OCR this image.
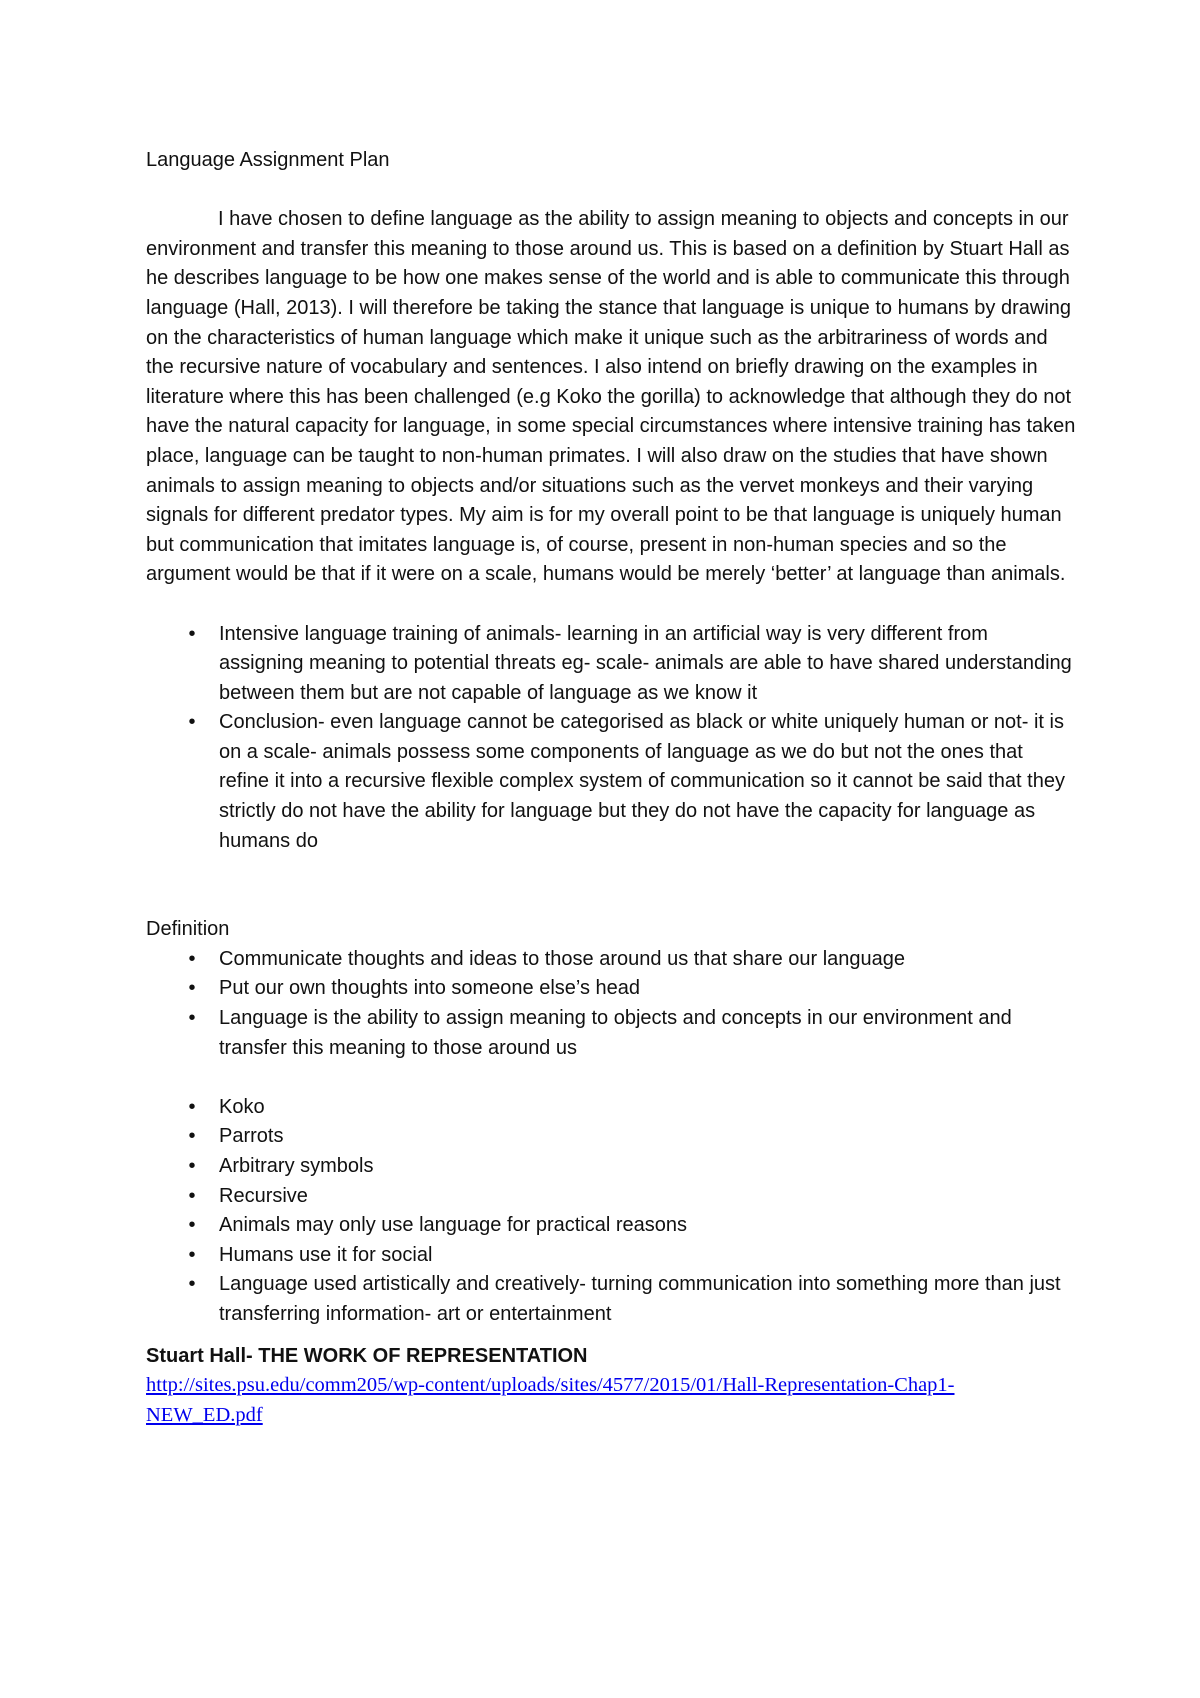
Language Assignment Plan

I have chosen to define language as the ability to assign meaning to objects and concepts in our environment and transfer this meaning to those around us. This is based on a definition by Stuart Hall as he describes language to be how one makes sense of the world and is able to communicate this through language (Hall, 2013). I will therefore be taking the stance that language is unique to humans by drawing on the characteristics of human language which make it unique such as the arbitrariness of words and the recursive nature of vocabulary and sentences. I also intend on briefly drawing on the examples in literature where this has been challenged (e.g Koko the gorilla) to acknowledge that although they do not have the natural capacity for language, in some special circumstances where intensive training has taken place, language can be taught to non-human primates. I will also draw on the studies that have shown animals to assign meaning to objects and/or situations such as the vervet monkeys and their varying signals for different predator types. My aim is for my overall point to be that language is uniquely human but communication that imitates language is, of course, present in non-human species and so the argument would be that if it were on a scale, humans would be merely ‘better’ at language than animals.

• Intensive language training of animals- learning in an artificial way is very different from assigning meaning to potential threats eg- scale- animals are able to have shared understanding between them but are not capable of language as we know it
• Conclusion- even language cannot be categorised as black or white uniquely human or not- it is on a scale- animals possess some components of language as we do but not the ones that refine it into a recursive flexible complex system of communication so it cannot be said that they strictly do not have the ability for language but they do not have the capacity for language as humans do

Definition

• Communicate thoughts and ideas to those around us that share our language
• Put our own thoughts into someone else’s head
• Language is the ability to assign meaning to objects and concepts in our environment and transfer this meaning to those around us
• Koko
• Parrots
• Arbitrary symbols
• Recursive
• Animals may only use language for practical reasons
• Humans use it for social
• Language used artistically and creatively- turning communication into something more than just transferring information- art or entertainment

Stuart Hall- THE WORK OF REPRESENTATION

http://sites.psu.edu/comm205/wp-content/uploads/sites/4577/2015/01/Hall-Representation-Chap1-NEW_ED.pdf
